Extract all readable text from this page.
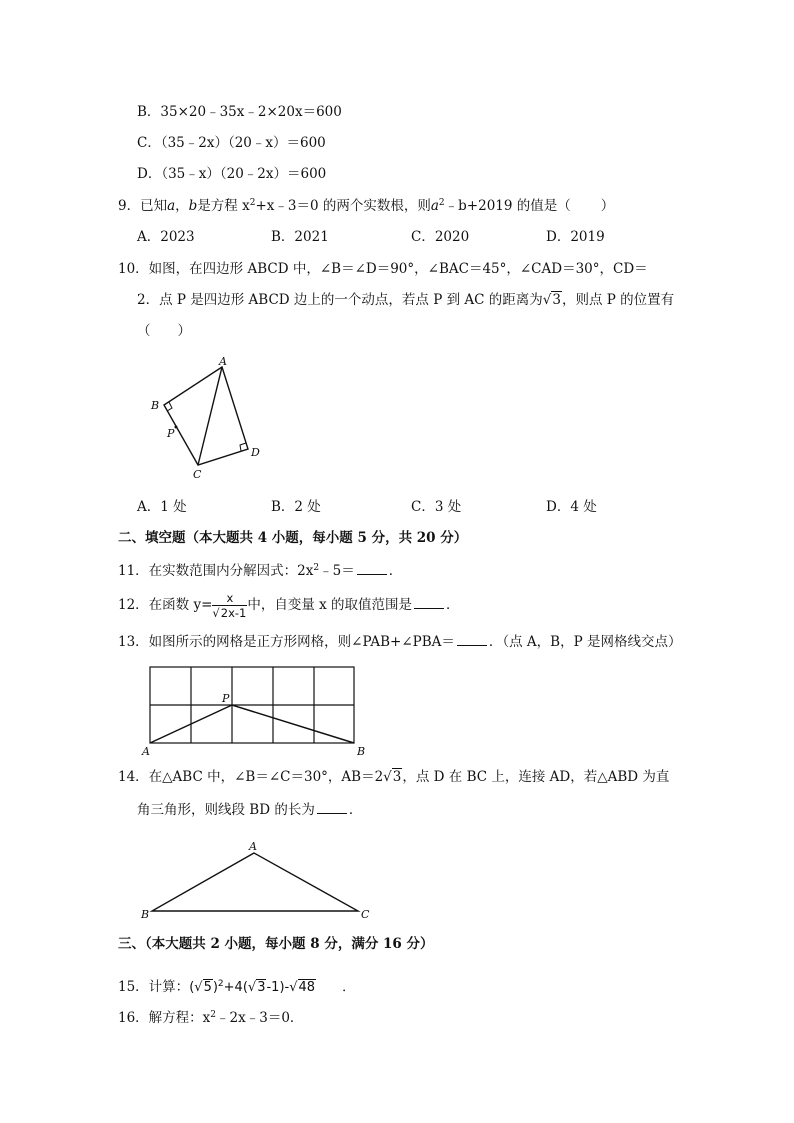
B．35×20﹣35x﹣2×20x＝600
C．（35﹣2x）（20﹣x）＝600
D．（35﹣x）（20﹣2x）＝600
9．已知a，b是方程 $x^2+x﹣3=0$ 的两个实数根，则$a^2﹣b+2019$ 的值是（ ）
A．2023	B．2021	C．2020	D．2019
10．如图，在四边形 ABCD 中，∠B＝∠D＝90°，∠BAC＝45°，∠CAD＝30°，CD＝
2．点 P 是四边形 ABCD 边上的一个动点，若点 P 到 AC 的距离为√3，则点 P 的位置有
（　　）
A
B
P
C
D
A．1 处	B．2 处	C．3 处	D．4 处
二、填空题（本大题共 4 小题，每小题 5 分，共 20 分）
11．在实数范围内分解因式：$2x^2﹣5=$	．
12．在函数 $y= \frac{x}{√2x-1}$ 中，自变量 x 的取值范围是	．
13．如图所示的网格是正方形网格，则∠PAB+∠PBA＝	．（点 A，B，P 是网格线交点）
P
A	B
14．在△ABC 中，∠B＝∠C＝30°，AB＝2√3，点 D 在 BC 上，连接 AD，若△ABD 为直
角三角形，则线段 BD 的长为	．
A
B	C
三、（本大题共 2 小题，每小题 8 分，满分 16 分）
15．计算：$(√5)^2+4(√3-1)-√48$ ．
16．解方程：$x^2﹣2x﹣3=0$．
